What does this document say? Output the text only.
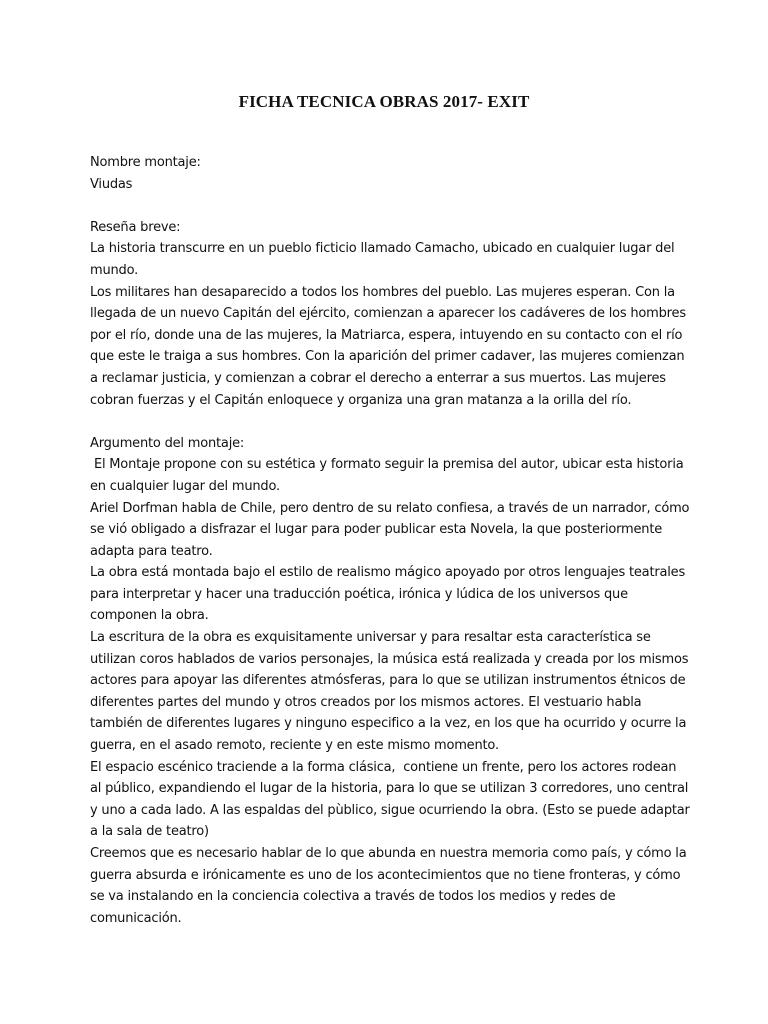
FICHA TECNICA OBRAS 2017- EXIT

Nombre montaje:

Viudas

Reseña breve:

La historia transcurre en un pueblo ficticio llamado Camacho, ubicado en cualquier lugar del mundo.

Los militares han desaparecido a todos los hombres del pueblo. Las mujeres esperan. Con la llegada de un nuevo Capitán del ejército, comienzan a aparecer los cadáveres de los hombres por el río, donde una de las mujeres, la Matriarca, espera, intuyendo en su contacto con el río que este le traiga a sus hombres. Con la aparición del primer cadaver, las mujeres comienzan a reclamar justicia, y comienzan a cobrar el derecho a enterrar a sus muertos. Las mujeres cobran fuerzas y el Capitán enloquece y organiza una gran matanza a la orilla del río.

Argumento del montaje:

El Montaje propone con su estética y formato seguir la premisa del autor, ubicar esta historia en cualquier lugar del mundo.

Ariel Dorfman habla de Chile, pero dentro de su relato confiesa, a través de un narrador, cómo se vió obligado a disfrazar el lugar para poder publicar esta Novela, la que posteriormente adapta para teatro.

La obra está montada bajo el estilo de realismo mágico apoyado por otros lenguajes teatrales para interpretar y hacer una traducción poética, irónica y lúdica de los universos que componen la obra.

La escritura de la obra es exquisitamente universar y para resaltar esta característica se utilizan coros hablados de varios personajes, la música está realizada y creada por los mismos actores para apoyar las diferentes atmósferas, para lo que se utilizan instrumentos étnicos de diferentes partes del mundo y otros creados por los mismos actores. El vestuario habla también de diferentes lugares y ninguno especifico a la vez, en los que ha ocurrido y ocurre la guerra, en el asado remoto, reciente y en este mismo momento.

El espacio escénico traciende a la forma clásica,  contiene un frente, pero los actores rodean al público, expandiendo el lugar de la historia, para lo que se utilizan 3 corredores, uno central y uno a cada lado. A las espaldas del pùblico, sigue ocurriendo la obra. (Esto se puede adaptar a la sala de teatro)

Creemos que es necesario hablar de lo que abunda en nuestra memoria como país, y cómo la guerra absurda e irónicamente es uno de los acontecimientos que no tiene fronteras, y cómo se va instalando en la conciencia colectiva a través de todos los medios y redes de comunicación.
